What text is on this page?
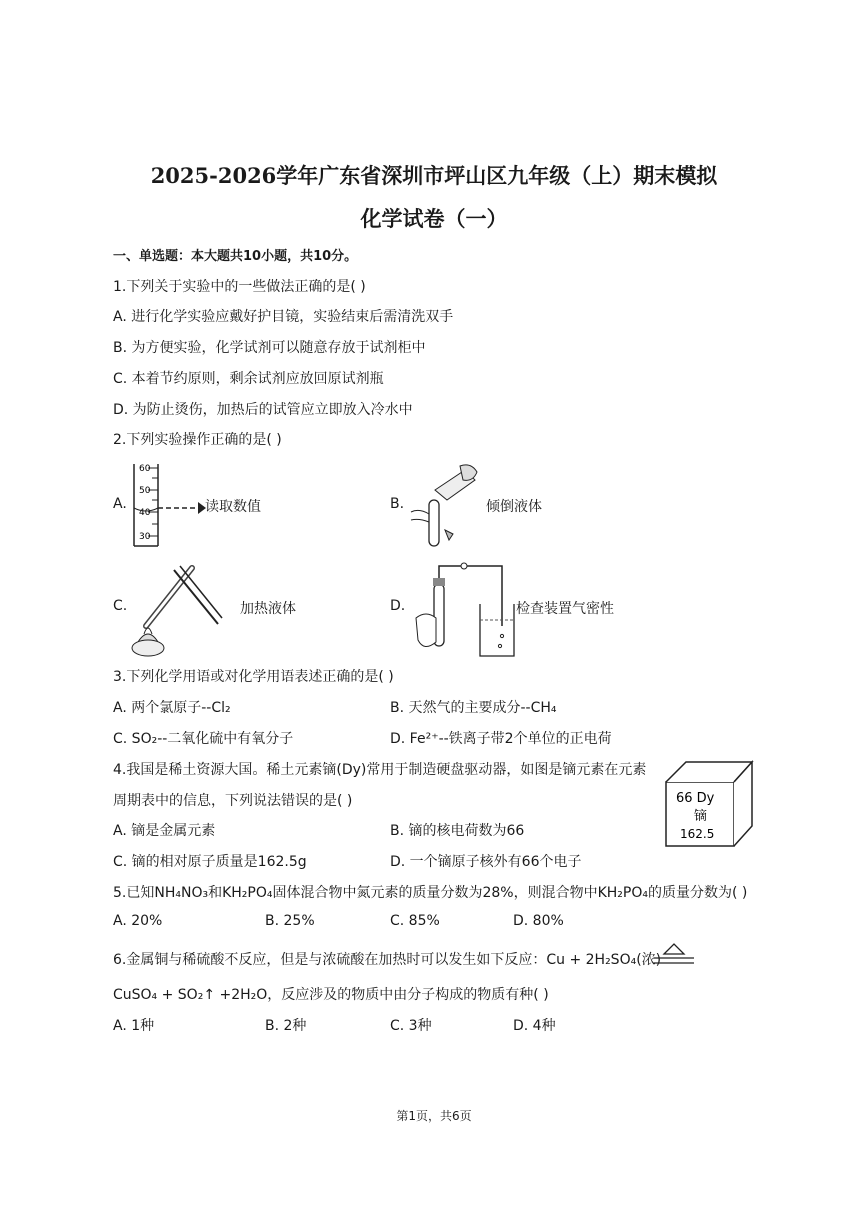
2025-2026学年广东省深圳市坪山区九年级（上）期末模拟
化学试卷（一）
一、单选题：本大题共10小题，共10分。
1.下列关于实验中的一些做法正确的是( )
A. 进行化学实验应戴好护目镜，实验结束后需清洗双手
B. 为方便实验，化学试剂可以随意存放于试剂柜中
C. 本着节约原则，剩余试剂应放回原试剂瓶
D. 为防止烫伤，加热后的试管应立即放入冷水中
2.下列实验操作正确的是( )
A.
60
50
40
30
读取数值	B.	倾倒液体
C.	加热液体	D.	检查装置气密性
3.下列化学用语或对化学用语表述正确的是( )
A. 两个氯原子--Cl₂	B. 天然气的主要成分--CH₄
C. SO₂--二氧化硫中有氧分子	D. Fe²⁺--铁离子带2个单位的正电荷
4.我国是稀土资源大国。稀土元素镝(Dy)常用于制造硬盘驱动器，如图是镝元素在元素
周期表中的信息，下列说法错误的是( )
A. 镝是金属元素	B. 镝的核电荷数为66
C. 镝的相对原子质量是162.5g	D. 一个镝原子核外有66个电子
66 Dy
镝
162.5
5.已知NH₄NO₃和KH₂PO₄固体混合物中氮元素的质量分数为28%，则混合物中KH₂PO₄的质量分数为( )
A. 20%	B. 25%	C. 85%	D. 80%
6.金属铜与稀硫酸不反应，但是与浓硫酸在加热时可以发生如下反应：Cu + 2H₂SO₄(浓)
CuSO₄ + SO₂↑ +2H₂O，反应涉及的物质中由分子构成的物质有种( )
A. 1种	B. 2种	C. 3种	D. 4种
第1页，共6页
